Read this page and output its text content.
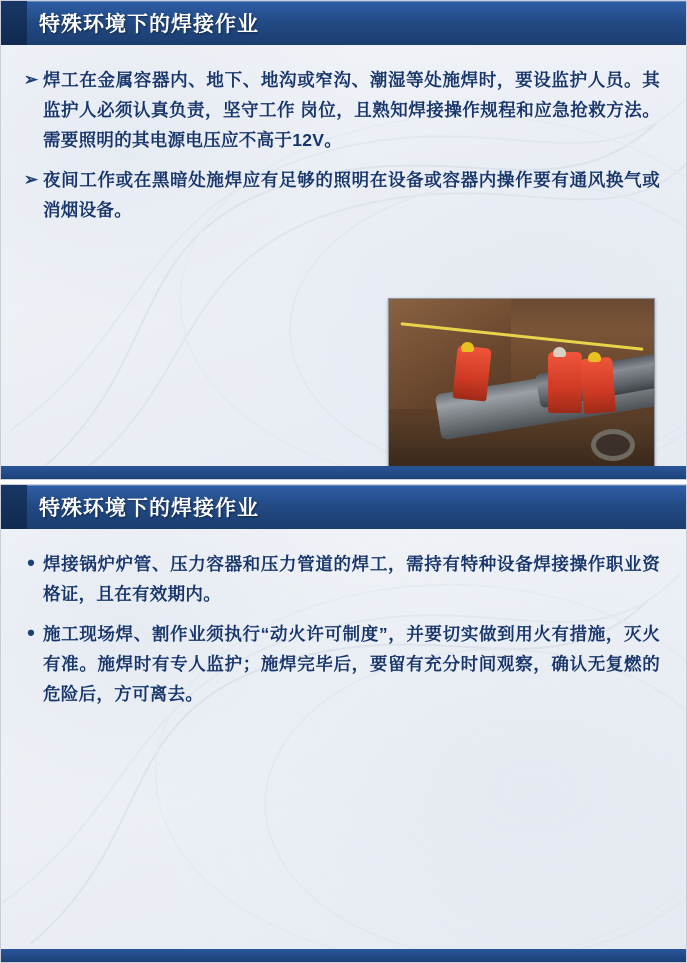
特殊环境下的焊接作业
➢ 焊工在金属容器内、地下、地沟或窄沟、潮湿等处施焊时，要设监护人员。其监护人必须认真负责，坚守工作 岗位，且熟知焊接操作规程和应急抢救方法。需要照明的其电源电压应不高于12V。
➢ 夜间工作或在黑暗处施焊应有足够的照明在设备或容器内操作要有通风换气或消烟设备。
特殊环境下的焊接作业
• 焊接锅炉炉管、压力容器和压力管道的焊工，需持有特种设备焊接操作职业资格证，且在有效期内。
• 施工现场焊、割作业须执行“动火许可制度”，并要切实做到用火有措施，灭火有准。施焊时有专人监护；施焊完毕后，要留有充分时间观察，确认无复燃的危险后，方可离去。
